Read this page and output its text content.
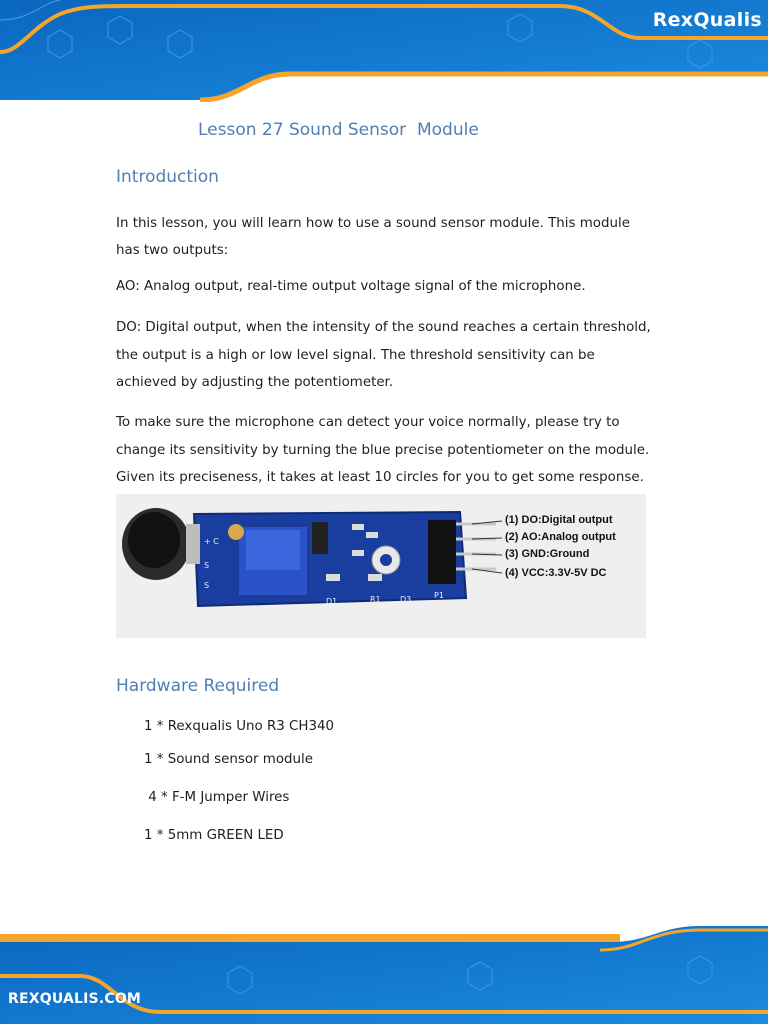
RexQualis
Lesson 27 Sound Sensor  Module
Introduction
In this lesson, you will learn how to use a sound sensor module. This module
has two outputs:
AO: Analog output, real-time output voltage signal of the microphone.
DO: Digital output, when the intensity of the sound reaches a certain threshold,
the output is a high or low level signal. The threshold sensitivity can be
achieved by adjusting the potentiometer.
To make sure the microphone can detect your voice normally, please try to
change its sensitivity by turning the blue precise potentiometer on the module.
Given its preciseness, it takes at least 10 circles for you to get some response.
+ C
S
S
D1	R1 D3	P1
(1) DO:Digital output
(2) AO:Analog output
(3) GND:Ground
(4) VCC:3.3V-5V DC
Hardware Required
1 * Rexqualis Uno R3 CH340
1 * Sound sensor module
4 * F-M Jumper Wires
1 * 5mm GREEN LED
REXQUALIS.COM
